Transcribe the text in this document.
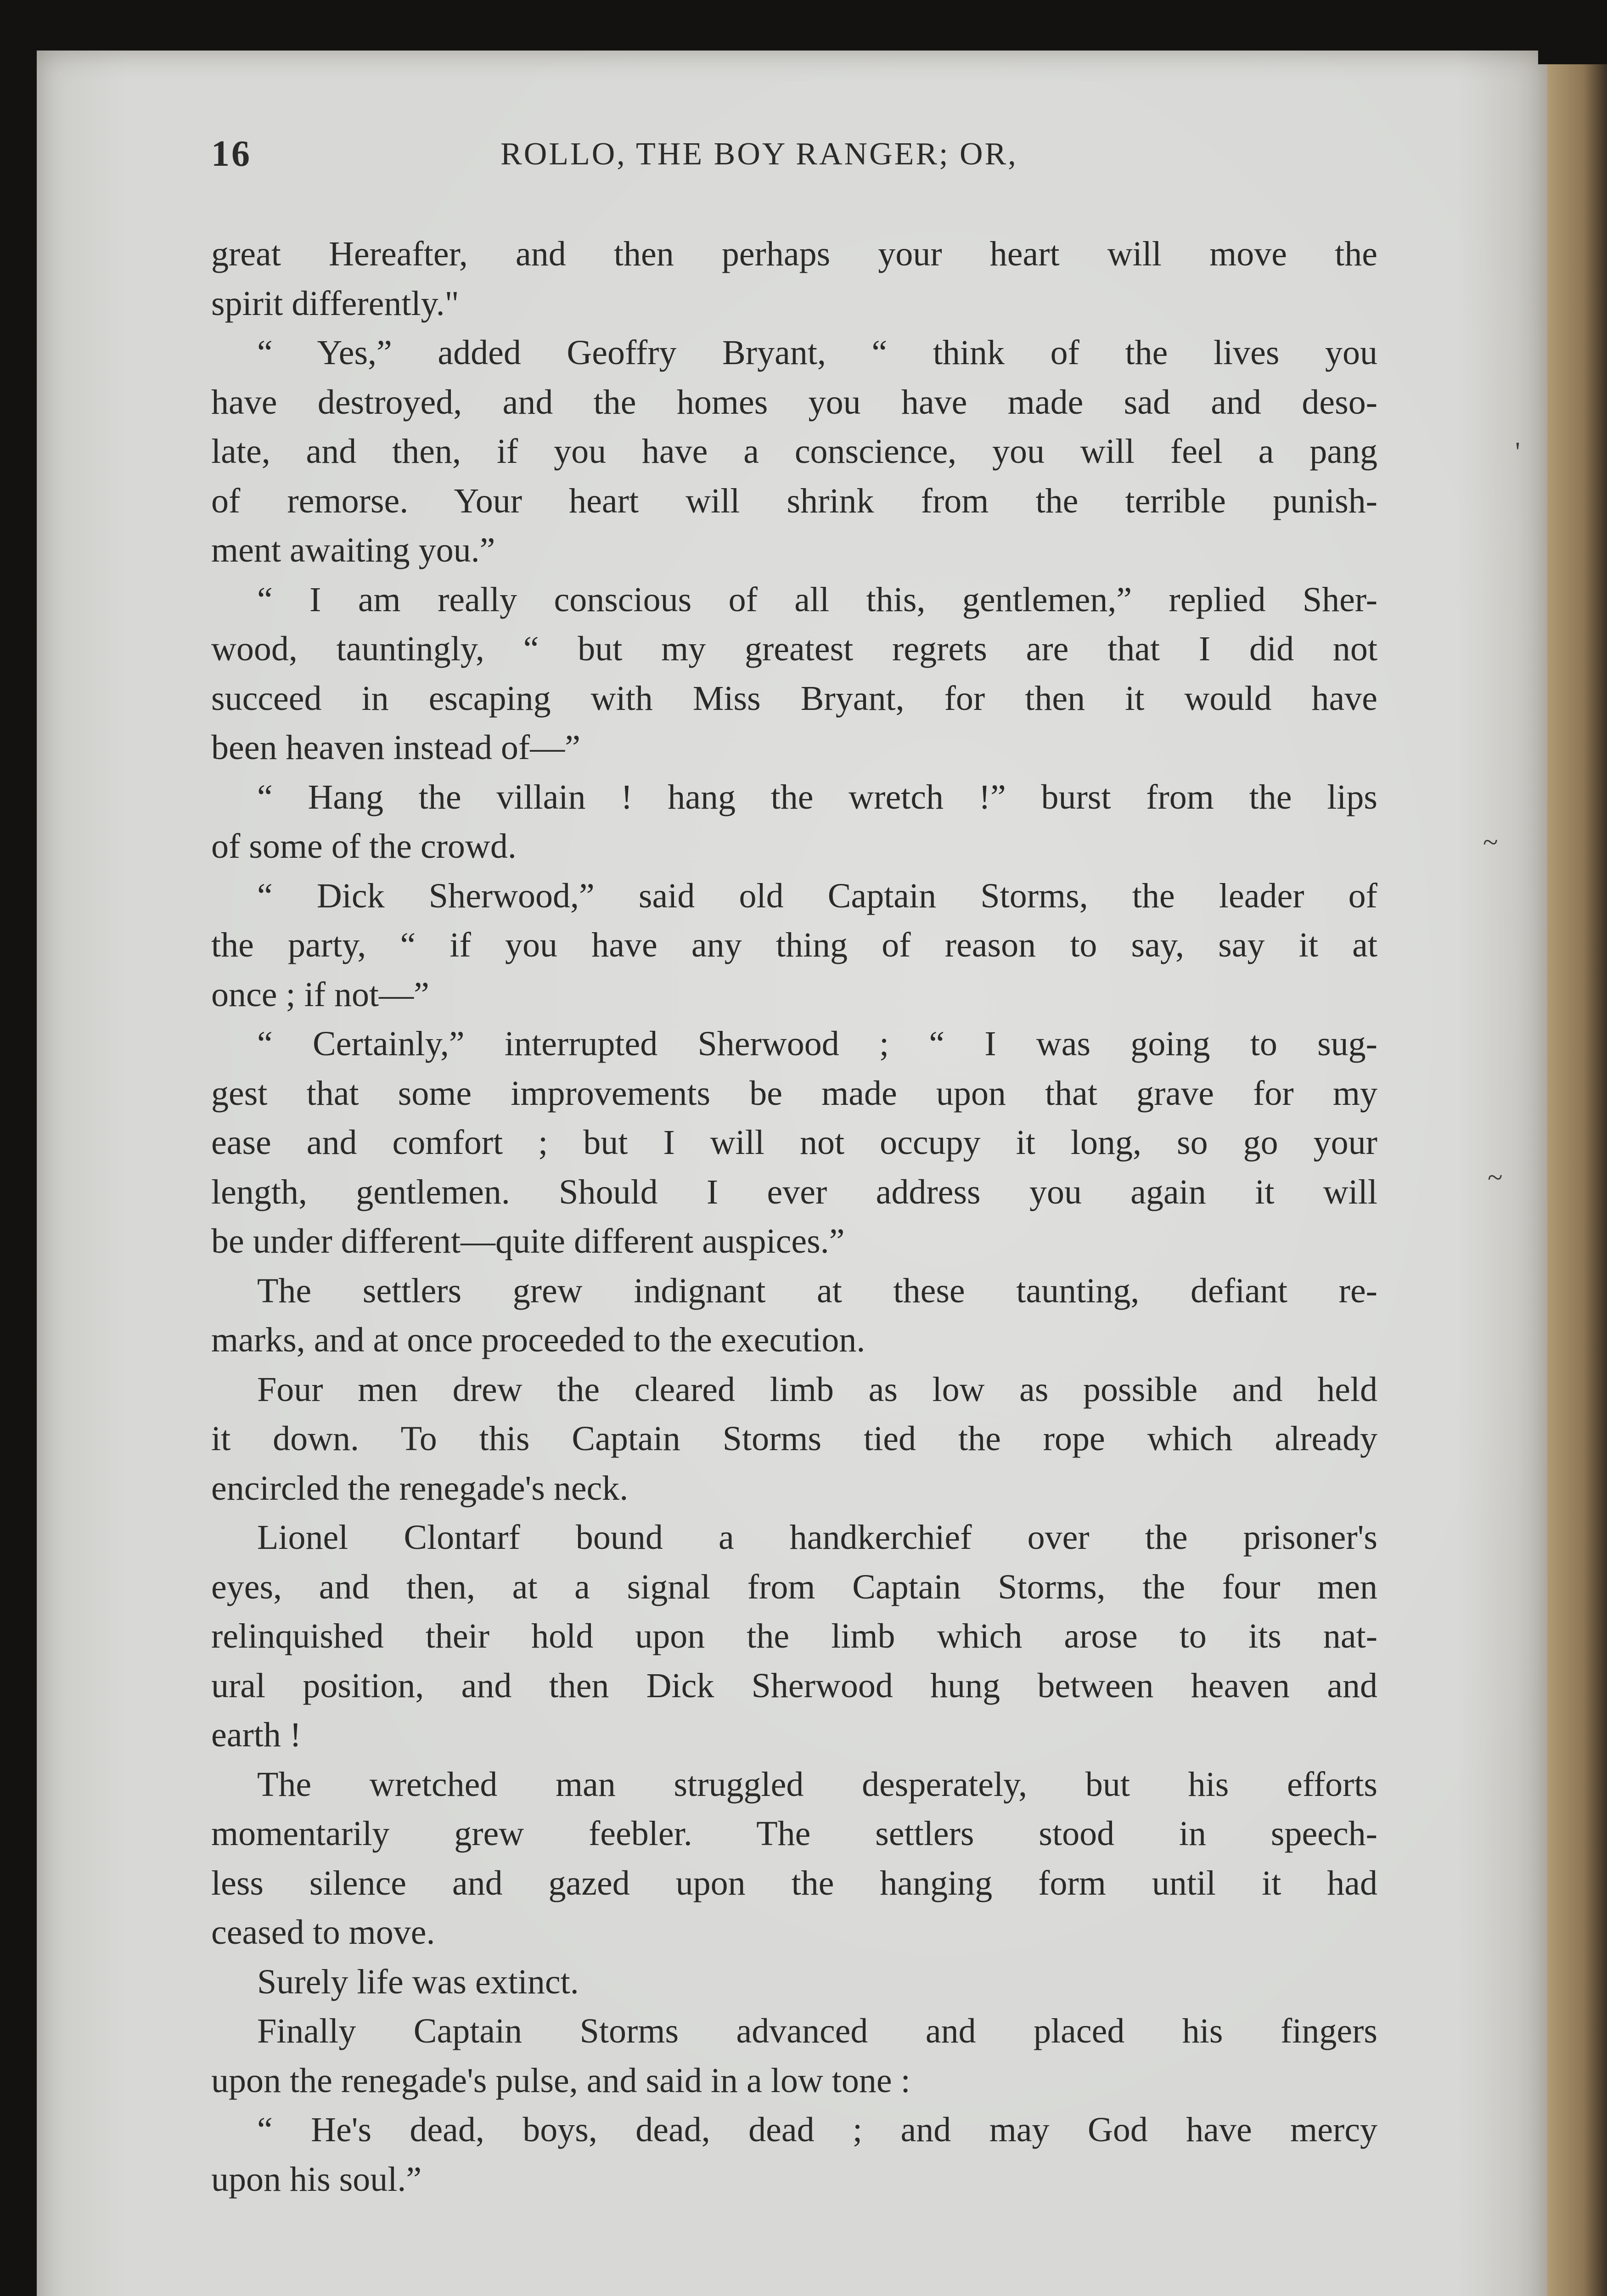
16	ROLLO, THE BOY RANGER; OR,
great Hereafter, and then perhaps your heart will move the
spirit differently."
“ Yes,” added Geoffry Bryant, “ think of the lives you
have destroyed, and the homes you have made sad and deso-
late, and then, if you have a conscience, you will feel a pang
of remorse. Your heart will shrink from the terrible punish-
ment awaiting you.”
“ I am really conscious of all this, gentlemen,” replied Sher-
wood, tauntingly, “ but my greatest regrets are that I did not
succeed in escaping with Miss Bryant, for then it would have
been heaven instead of—”
“ Hang the villain ! hang the wretch !” burst from the lips
of some of the crowd.
“ Dick Sherwood,” said old Captain Storms, the leader of
the party, “ if you have any thing of reason to say, say it at
once ; if not—”
“ Certainly,” interrupted Sherwood ; “ I was going to sug-
gest that some improvements be made upon that grave for my
ease and comfort ; but I will not occupy it long, so go your
length, gentlemen. Should I ever address you again it will
be under different—quite different auspices.”
The settlers grew indignant at these taunting, defiant re-
marks, and at once proceeded to the execution.
Four men drew the cleared limb as low as possible and held
it down. To this Captain Storms tied the rope which already
encircled the renegade's neck.
Lionel Clontarf bound a handkerchief over the prisoner's
eyes, and then, at a signal from Captain Storms, the four men
relinquished their hold upon the limb which arose to its nat-
ural position, and then Dick Sherwood hung between heaven and
earth !
The wretched man struggled desperately, but his efforts
momentarily grew feebler. The settlers stood in speech-
less silence and gazed upon the hanging form until it had
ceased to move.
Surely life was extinct.
Finally Captain Storms advanced and placed his fingers
upon the renegade's pulse, and said in a low tone :
“ He's dead, boys, dead, dead ; and may God have mercy
upon his soul.”
'
~
~
